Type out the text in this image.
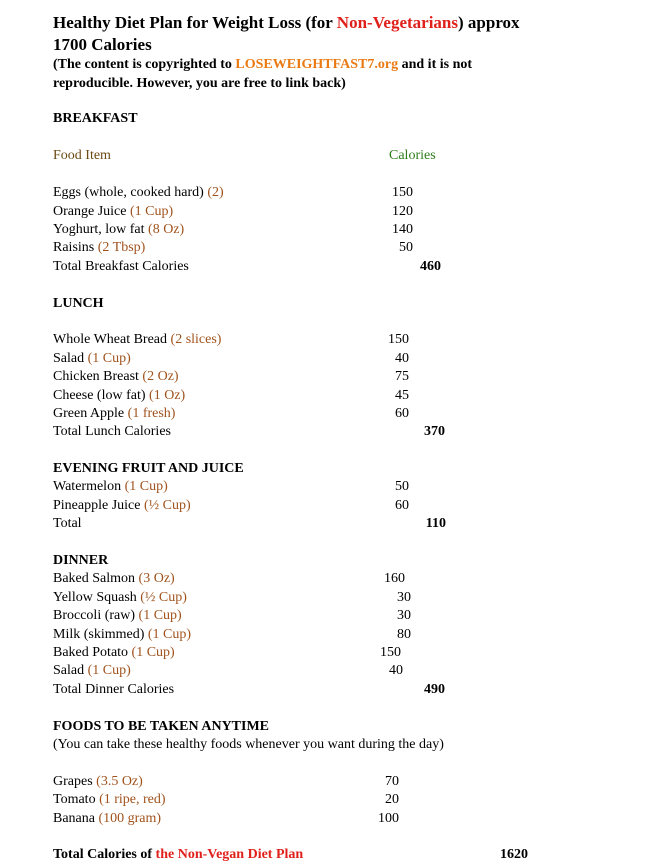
Healthy Diet Plan for Weight Loss (for Non-Vegetarians) approx
1700 Calories
(The content is copyrighted to LOSEWEIGHTFAST7.org and it is not
reproducible. However, you are free to link back)
BREAKFAST
Food Item	Calories
Eggs (whole, cooked hard) (2)	150
Orange Juice (1 Cup)	120
Yoghurt, low fat (8 Oz)	140
Raisins (2 Tbsp)	50
Total Breakfast Calories	460
LUNCH
Whole Wheat Bread (2 slices)	150
Salad (1 Cup)	40
Chicken Breast (2 Oz)	75
Cheese (low fat) (1 Oz)	45
Green Apple (1 fresh)	60
Total Lunch Calories	370
EVENING FRUIT AND JUICE
Watermelon (1 Cup)	50
Pineapple Juice (½ Cup)	60
Total	110
DINNER
Baked Salmon (3 Oz)	160
Yellow Squash (½ Cup)	30
Broccoli (raw) (1 Cup)	30
Milk (skimmed) (1 Cup)	80
Baked Potato (1 Cup)	150
Salad (1 Cup)	40
Total Dinner Calories	490
FOODS TO BE TAKEN ANYTIME
(You can take these healthy foods whenever you want during the day)
Grapes (3.5 Oz)	70
Tomato (1 ripe, red)	20
Banana (100 gram)	100
Total Calories of the Non-Vegan Diet Plan	1620
